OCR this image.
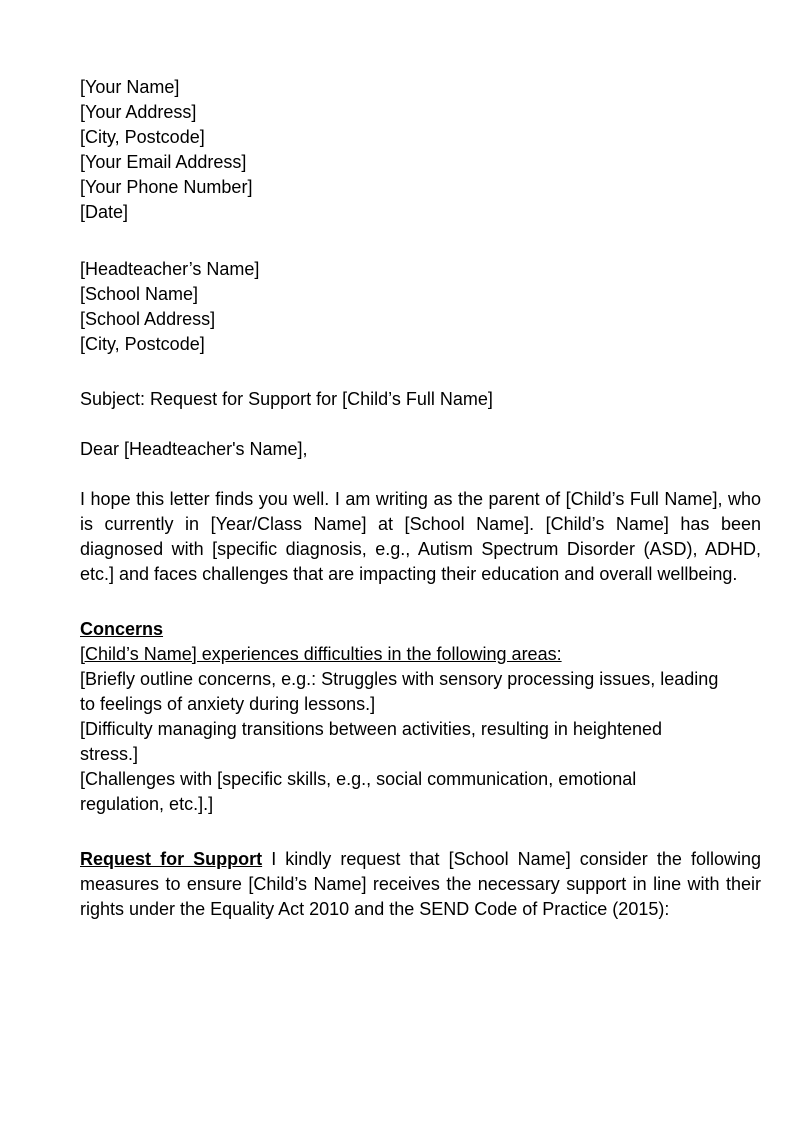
[Your Name]
[Your Address]
[City, Postcode]
[Your Email Address]
[Your Phone Number]
[Date]
[Headteacher’s Name]
[School Name]
[School Address]
[City, Postcode]
Subject: Request for Support for [Child’s Full Name]
Dear [Headteacher's Name],

I hope this letter finds you well. I am writing as the parent of [Child’s Full Name], who is currently in [Year/Class Name] at [School Name]. [Child’s Name] has been diagnosed with [specific diagnosis, e.g., Autism Spectrum Disorder (ASD), ADHD, etc.] and faces challenges that are impacting their education and overall wellbeing.

Concerns
[Child’s Name] experiences difficulties in the following areas:
[Briefly outline concerns, e.g.: Struggles with sensory processing issues, leading
to feelings of anxiety during lessons.]
[Difficulty managing transitions between activities, resulting in heightened
stress.]
[Challenges with [specific skills, e.g., social communication, emotional
regulation, etc.].]

Request for Support I kindly request that [School Name] consider the following measures to ensure [Child’s Name] receives the necessary support in line with their rights under the Equality Act 2010 and the SEND Code of Practice (2015):
